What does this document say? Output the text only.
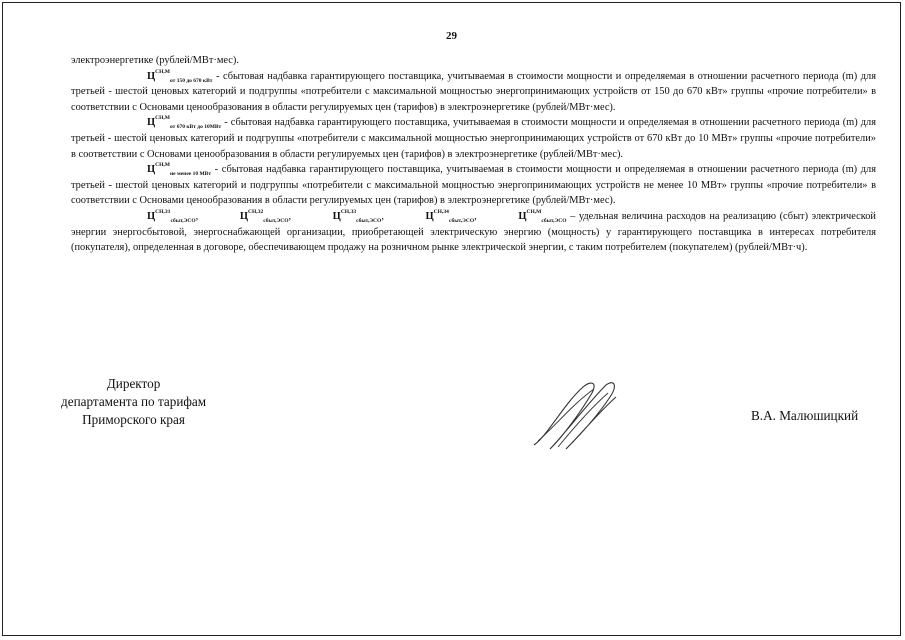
29

электроэнергетике (рублей/МВт·мес).

$Ц^{СН,М}_{от 150 до 670 кВт}$ - сбытовая надбавка гарантирующего поставщика, учитываемая в стоимости мощности и определяемая в отношении расчетного периода (m) для третьей - шестой ценовых категорий и подгруппы «потребители с максимальной мощностью энергопринимающих устройств от 150 до 670 кВт» группы «прочие потребители» в соответствии с Основами ценообразования в области регулируемых цен (тарифов) в электроэнергетике (рублей/МВт·мес).

$Ц^{СН,М}_{от 670 кВт до 10МВт}$ - сбытовая надбавка гарантирующего поставщика, учитываемая в стоимости мощности и определяемая в отношении расчетного периода (m) для третьей - шестой ценовых категорий и подгруппы «потребители с максимальной мощностью энергопринимающих устройств от 670 кВт до 10 МВт» группы «прочие потребители» в соответствии с Основами ценообразования в области регулируемых цен (тарифов) в электроэнергетике (рублей/МВт·мес).

$Ц^{СН,М}_{не менее 10 МВт}$ - сбытовая надбавка гарантирующего поставщика, учитываемая в стоимости мощности и определяемая в отношении расчетного периода (m) для третьей - шестой ценовых категорий и подгруппы «потребители с максимальной мощностью энергопринимающих устройств не менее 10 МВт» группы «прочие потребители» в соответствии с Основами ценообразования в области регулируемых цен (тарифов) в электроэнергетике (рублей/МВт·мес).

$Ц^{СН,З1}_{сбыт,ЭСО}$,	$Ц^{СН,З2}_{сбыт,ЭСО}$,	$Ц^{СН,З3}_{сбыт,ЭСО}$,	$Ц^{СН,З4}_{сбыт,ЭСО}$,	$Ц^{СН,М}_{сбыт,ЭСО}$ – удельная величина расходов на реализацию (сбыт) электрической энергии энергосбытовой, энергоснабжающей организации, приобретающей электрическую энергию (мощность) у гарантирующего поставщика в интересах потребителя (покупателя), определенная в договоре, обеспечивающем продажу на розничном рынке электрической энергии, с таким потребителем (покупателем) (рублей/МВт·ч).

Директор
департамента по тарифам
Приморского края	В.А. Малюшицкий
